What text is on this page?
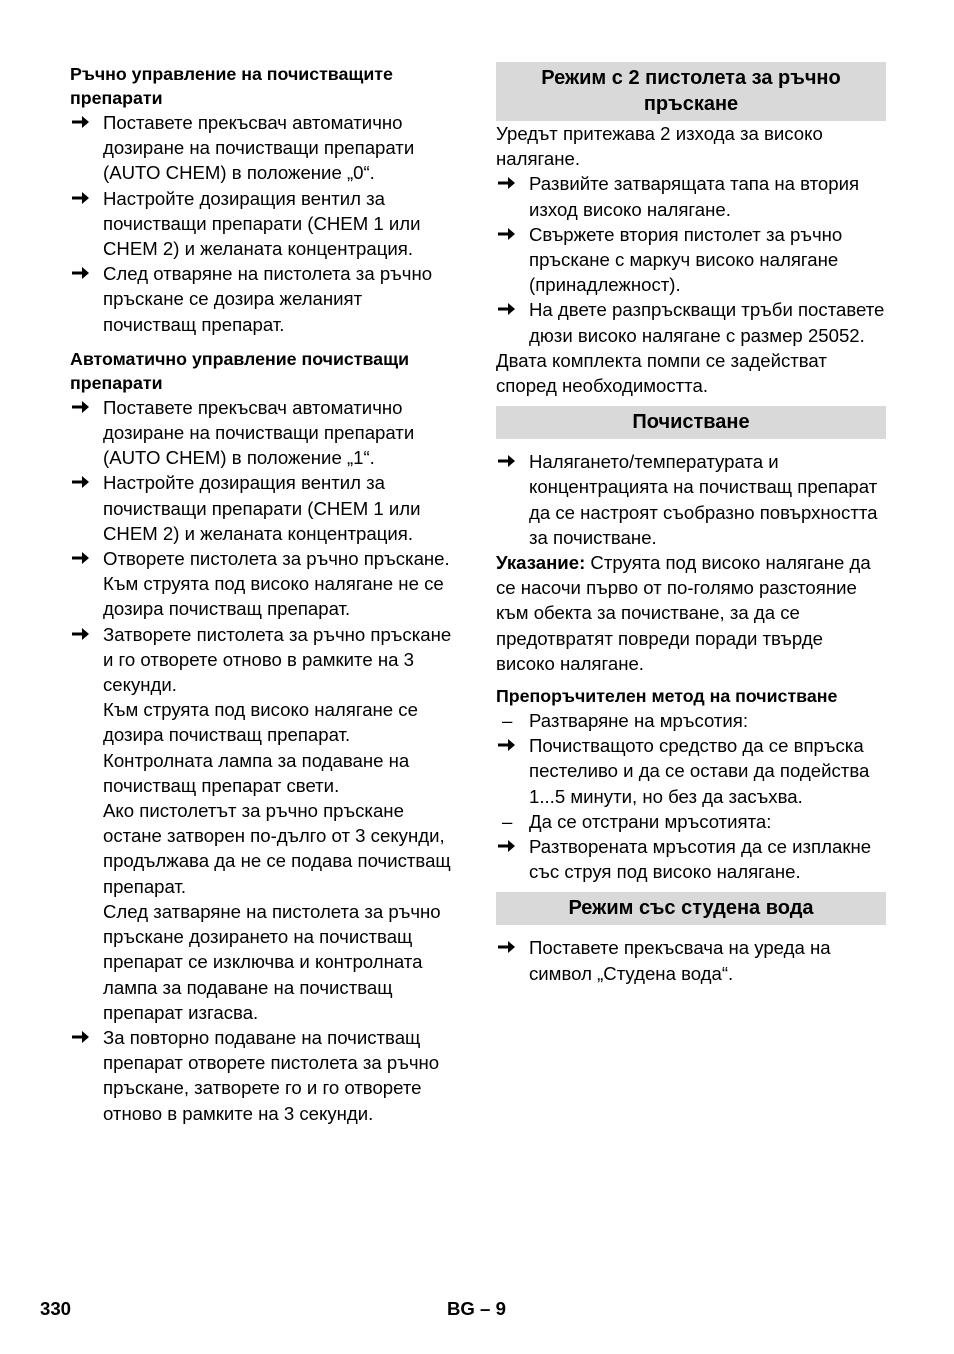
Ръчно управление на почистващите препарати
Поставете прекъсвач автоматично дозиране на почистващи препарати (AUTO CHEM) в положение „0“.
Настройте дозиращия вентил за почистващи препарати (CHEM 1 или CHEM 2) и желаната концентрация.
След отваряне на пистолета за ръчно пръскане се дозира желаният почистващ препарат.
Автоматично управление почистващи препарати
Поставете прекъсвач автоматично дозиране на почистващи препарати (AUTO CHEM) в положение „1“.
Настройте дозиращия вентил за почистващи препарати (CHEM 1 или CHEM 2) и желаната концентрация.
Отворете пистолета за ръчно пръскане.
Към струята под високо налягане не се дозира почистващ препарат.
Затворете пистолета за ръчно пръскане и го отворете отново в рамките на 3 секунди.
Към струята под високо налягане се дозира почистващ препарат.
Контролната лампа за подаване на почистващ препарат свети.
Ако пистолетът за ръчно пръскане остане затворен по-дълго от 3 секунди, продължава да не се подава почистващ препарат.
След затваряне на пистолета за ръчно пръскане дозирането на почистващ препарат се изключва и контролната лампа за подаване на почистващ препарат изгасва.
За повторно подаване на почистващ препарат отворете пистолета за ръчно пръскане, затворете го и го отворете отново в рамките на 3 секунди.
Режим с 2 пистолета за ръчно пръскане
Уредът притежава 2 изхода за високо налягане.
Развийте затварящата тапа на втория изход високо налягане.
Свържете втория пистолет за ръчно пръскане с маркуч високо налягане (принадлежност).
На двете разпръскващи тръби поставете дюзи високо налягане с размер 25052.
Двата комплекта помпи се задействат според необходимостта.
Почистване
Налягането/температурата и концентрацията на почистващ препарат да се настроят съобразно повърхността за почистване.
Указание: Струята под високо налягане да се насочи първо от по-голямо разстояние към обекта за почистване, за да се предотвратят повреди поради твърде високо налягане.
Препоръчителен метод на почистване
– Разтваряне на мръсотия:
Почистващото средство да се впръска пестеливо и да се остави да подейства 1...5 минути, но без да засъхва.
– Да се отстрани мръсотията:
Разтворената мръсотия да се изплакне със струя под високо налягане.
Режим със студена вода
Поставете прекъсвача на уреда на символ „Студена вода“.
330	BG – 9
